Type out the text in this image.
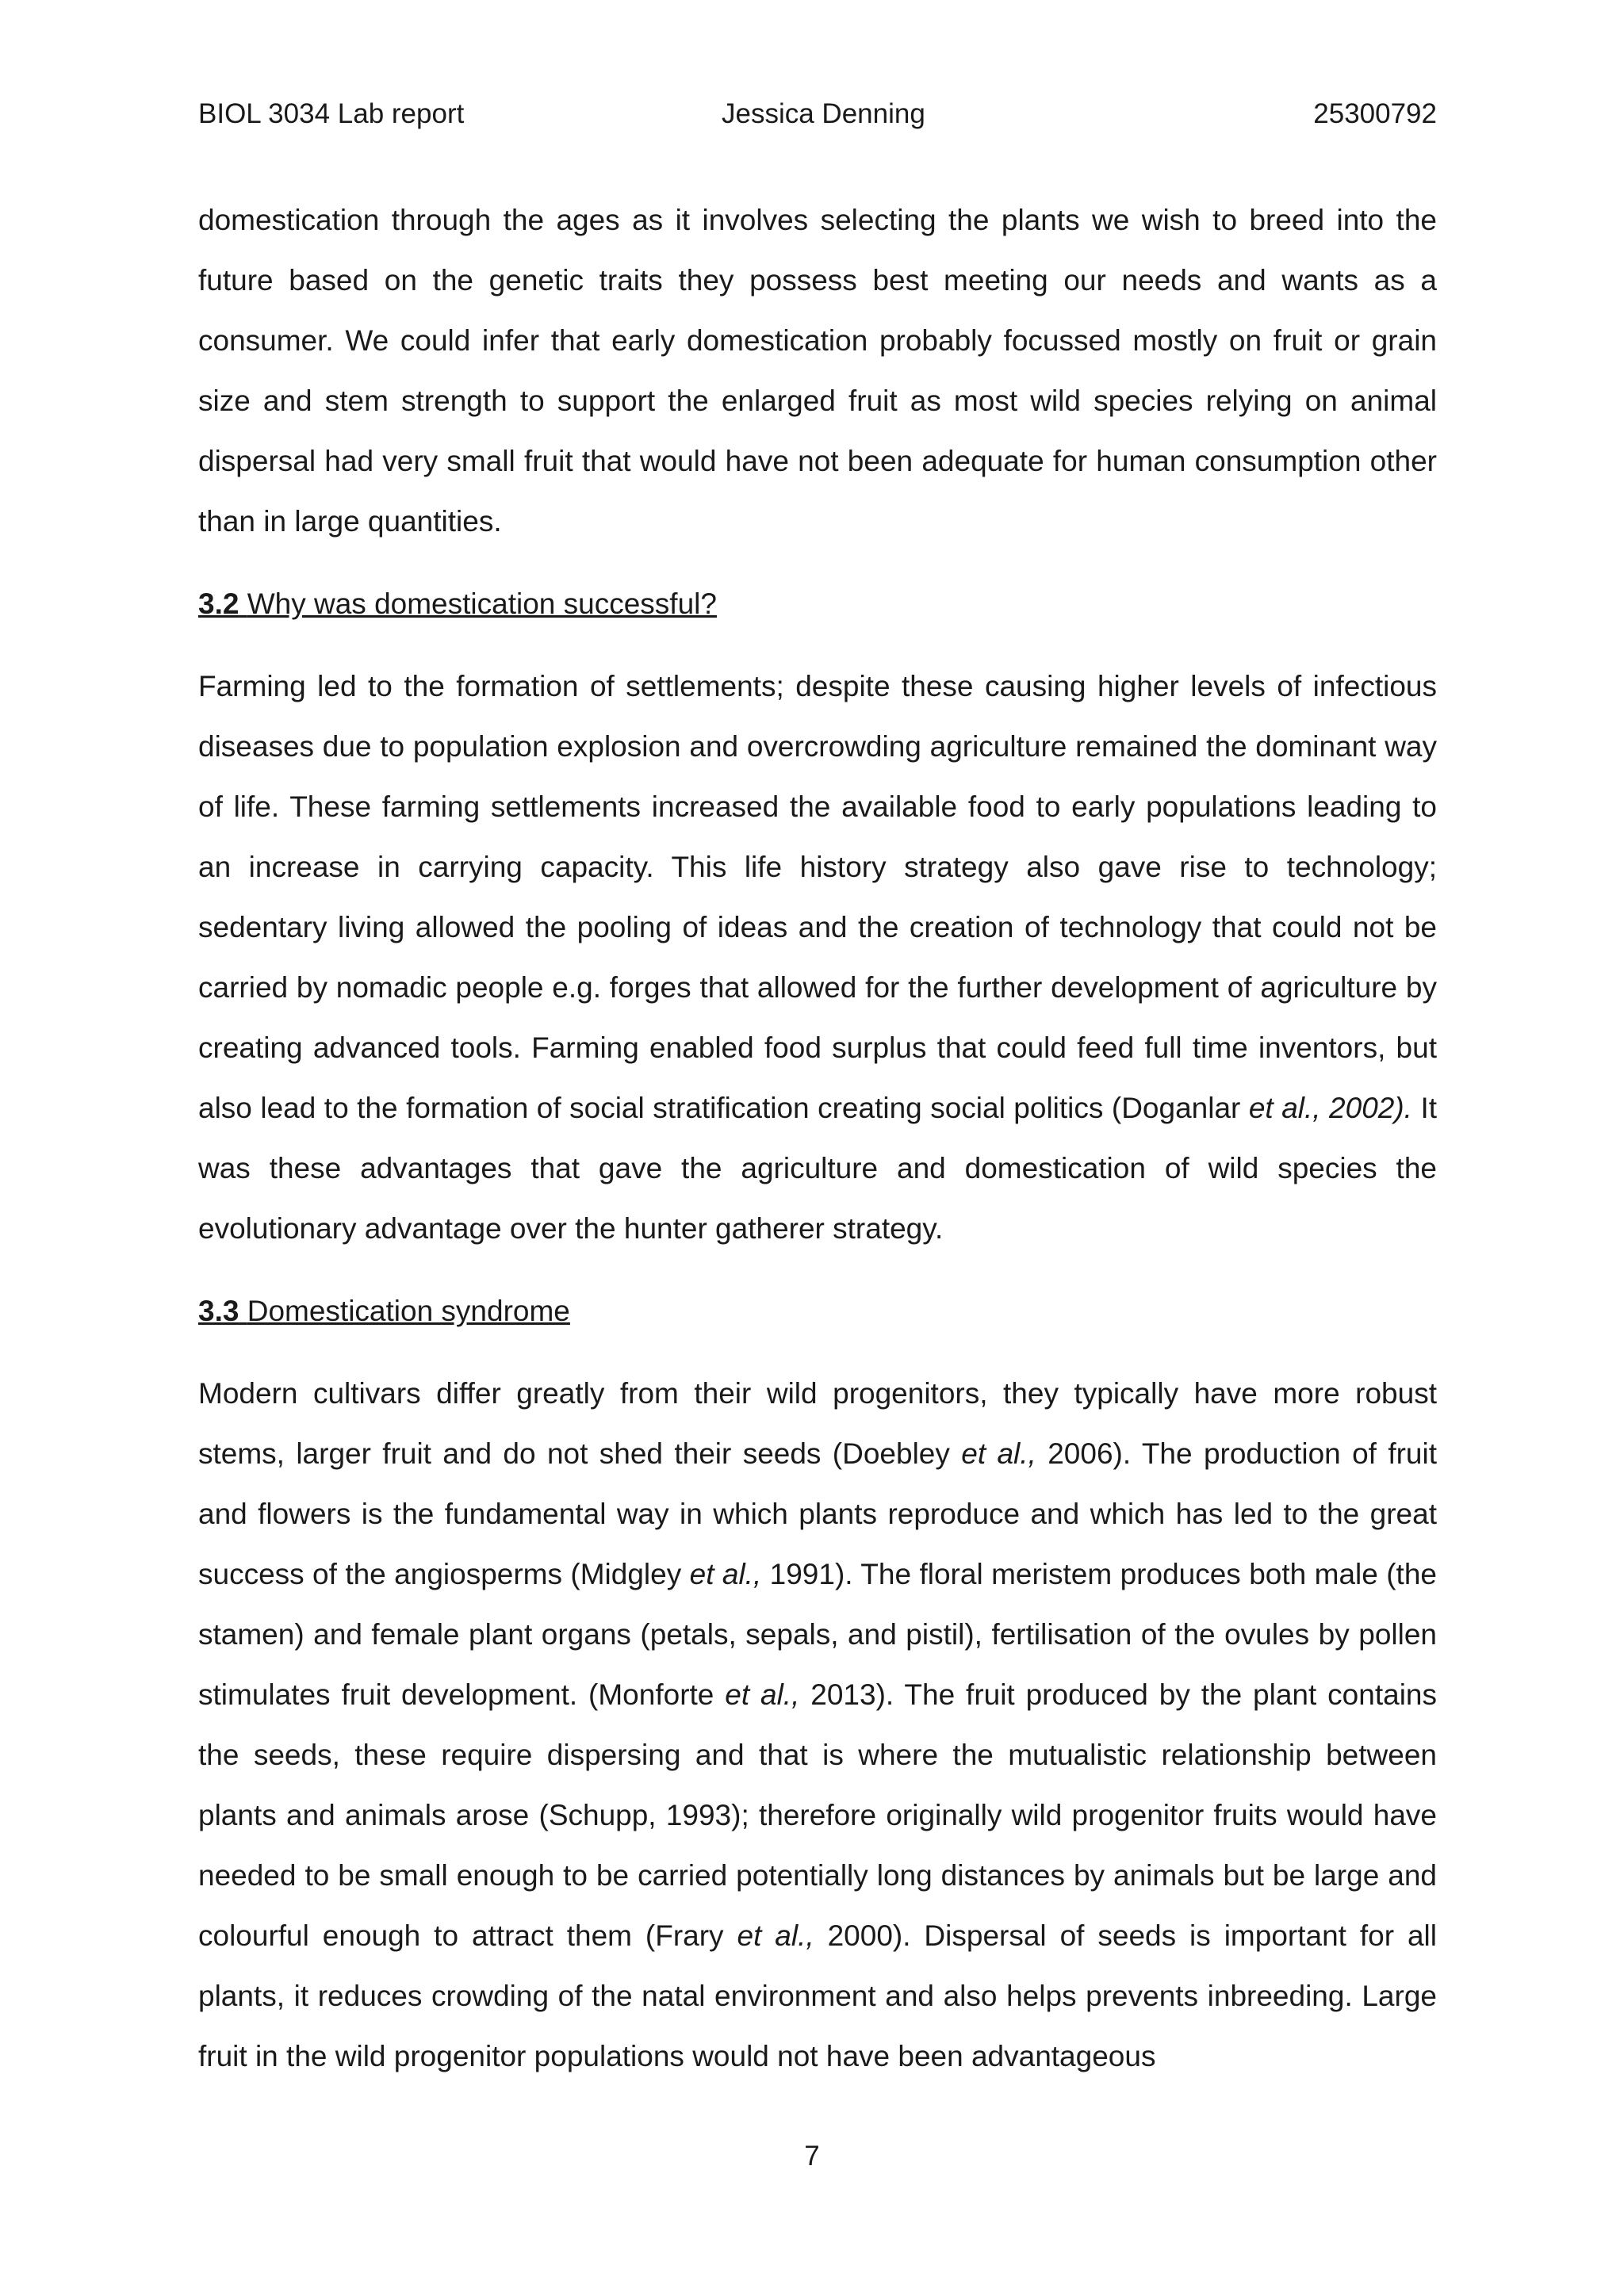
BIOL 3034 Lab report	Jessica Denning	25300792

domestication through the ages as it involves selecting the plants we wish to breed into the future based on the genetic traits they possess best meeting our needs and wants as a consumer. We could infer that early domestication probably focussed mostly on fruit or grain size and stem strength to support the enlarged fruit as most wild species relying on animal dispersal had very small fruit that would have not been adequate for human consumption other than in large quantities.

3.2 Why was domestication successful?

Farming led to the formation of settlements; despite these causing higher levels of infectious diseases due to population explosion and overcrowding agriculture remained the dominant way of life. These farming settlements increased the available food to early populations leading to an increase in carrying capacity. This life history strategy also gave rise to technology; sedentary living allowed the pooling of ideas and the creation of technology that could not be carried by nomadic people e.g. forges that allowed for the further development of agriculture by creating advanced tools. Farming enabled food surplus that could feed full time inventors, but also lead to the formation of social stratification creating social politics (Doganlar et al., 2002). It was these advantages that gave the agriculture and domestication of wild species the evolutionary advantage over the hunter gatherer strategy.

3.3 Domestication syndrome

Modern cultivars differ greatly from their wild progenitors, they typically have more robust stems, larger fruit and do not shed their seeds (Doebley et al., 2006). The production of fruit and flowers is the fundamental way in which plants reproduce and which has led to the great success of the angiosperms (Midgley et al., 1991). The floral meristem produces both male (the stamen) and female plant organs (petals, sepals, and pistil), fertilisation of the ovules by pollen stimulates fruit development. (Monforte et al., 2013). The fruit produced by the plant contains the seeds, these require dispersing and that is where the mutualistic relationship between plants and animals arose (Schupp, 1993); therefore originally wild progenitor fruits would have needed to be small enough to be carried potentially long distances by animals but be large and colourful enough to attract them (Frary et al., 2000). Dispersal of seeds is important for all plants, it reduces crowding of the natal environment and also helps prevents inbreeding. Large fruit in the wild progenitor populations would not have been advantageous

7
